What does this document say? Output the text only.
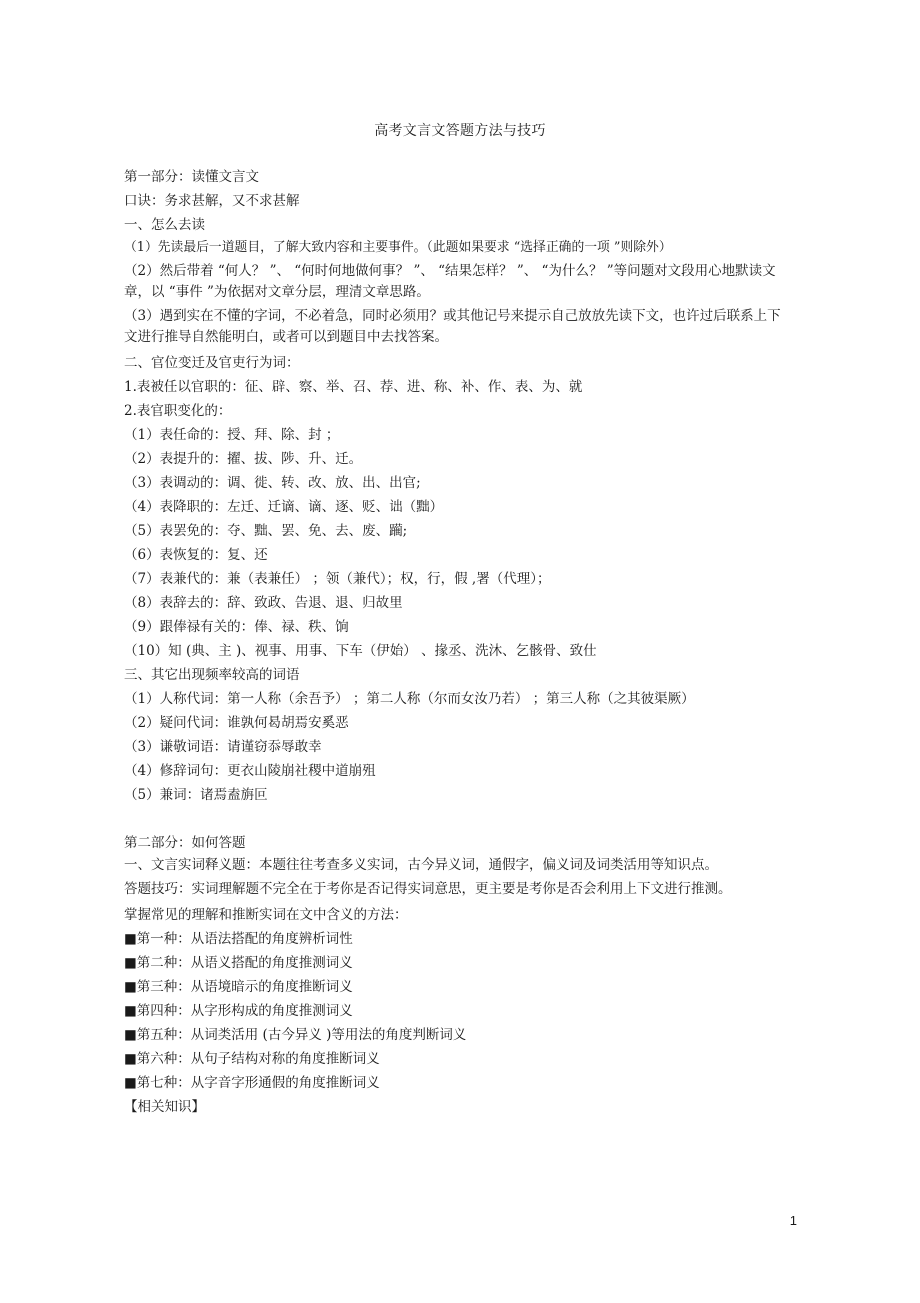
高考文言文答题方法与技巧
第一部分：读懂文言文
口诀：务求甚解，又不求甚解
一、怎么去读
（1）先读最后一道题目，了解大致内容和主要事件。（此题如果要求 “选择正确的一项 ”则除外）
（2）然后带着 “何人？ ”、 “何时何地做何事？ ”、 “结果怎样？ ”、 “为什么？ ”等问题对文段用心地默读文章，以 “事件 ”为依据对文章分层，理清文章思路。
（3）遇到实在不懂的字词，不必着急，同时必须用？或其他记号来提示自己放放先读下文，也许过后联系上下文进行推导自然能明白，或者可以到题目中去找答案。
二、官位变迁及官吏行为词：
1.表被任以官职的：征、辟、察、举、召、荐、进、称、补、作、表、为、就
2.表官职变化的：
（1）表任命的：授、拜、除、封 ；
（2）表提升的：擢、拔、陟、升、迁。
（3）表调动的：调、徙、转、改、放、出、出官;
（4）表降职的：左迁、迁谪、谪、逐、贬、诎（黜）
（5）表罢免的：夺、黜、罢、免、去、废、躏;
（6）表恢复的：复、还
（7）表兼代的：兼（表兼任） ；领（兼代）；权，行，假 ,署（代理）；
（8）表辞去的：辞、致政、告退、退、归故里
（9）跟俸禄有关的：俸、禄、秩、饷
（10）知 (典、主 )、视事、用事、下车（伊始） 、掾丞、洗沐、乞骸骨、致仕
三、其它出现频率较高的词语
（1）人称代词：第一人称（余吾予） ；第二人称（尔而女汝乃若） ；第三人称（之其彼渠厥）
（2）疑问代词：谁孰何曷胡焉安奚恶
（3）谦敬词语：请谨窃忝辱敢幸
（4）修辞词句：更衣山陵崩社稷中道崩殂
（5）兼词：诸焉盍旃叵
第二部分：如何答题
一、文言实词释义题：本题往往考查多义实词，古今异义词，通假字，偏义词及词类活用等知识点。
答题技巧：实词理解题不完全在于考你是否记得实词意思，更主要是考你是否会利用上下文进行推测。
掌握常见的理解和推断实词在文中含义的方法：
■第一种：从语法搭配的角度辨析词性
■第二种：从语义搭配的角度推测词义
■第三种：从语境暗示的角度推断词义
■第四种：从字形构成的角度推测词义
■第五种：从词类活用 (古今异义 )等用法的角度判断词义
■第六种：从句子结构对称的角度推断词义
■第七种：从字音字形通假的角度推断词义
【相关知识】
1
